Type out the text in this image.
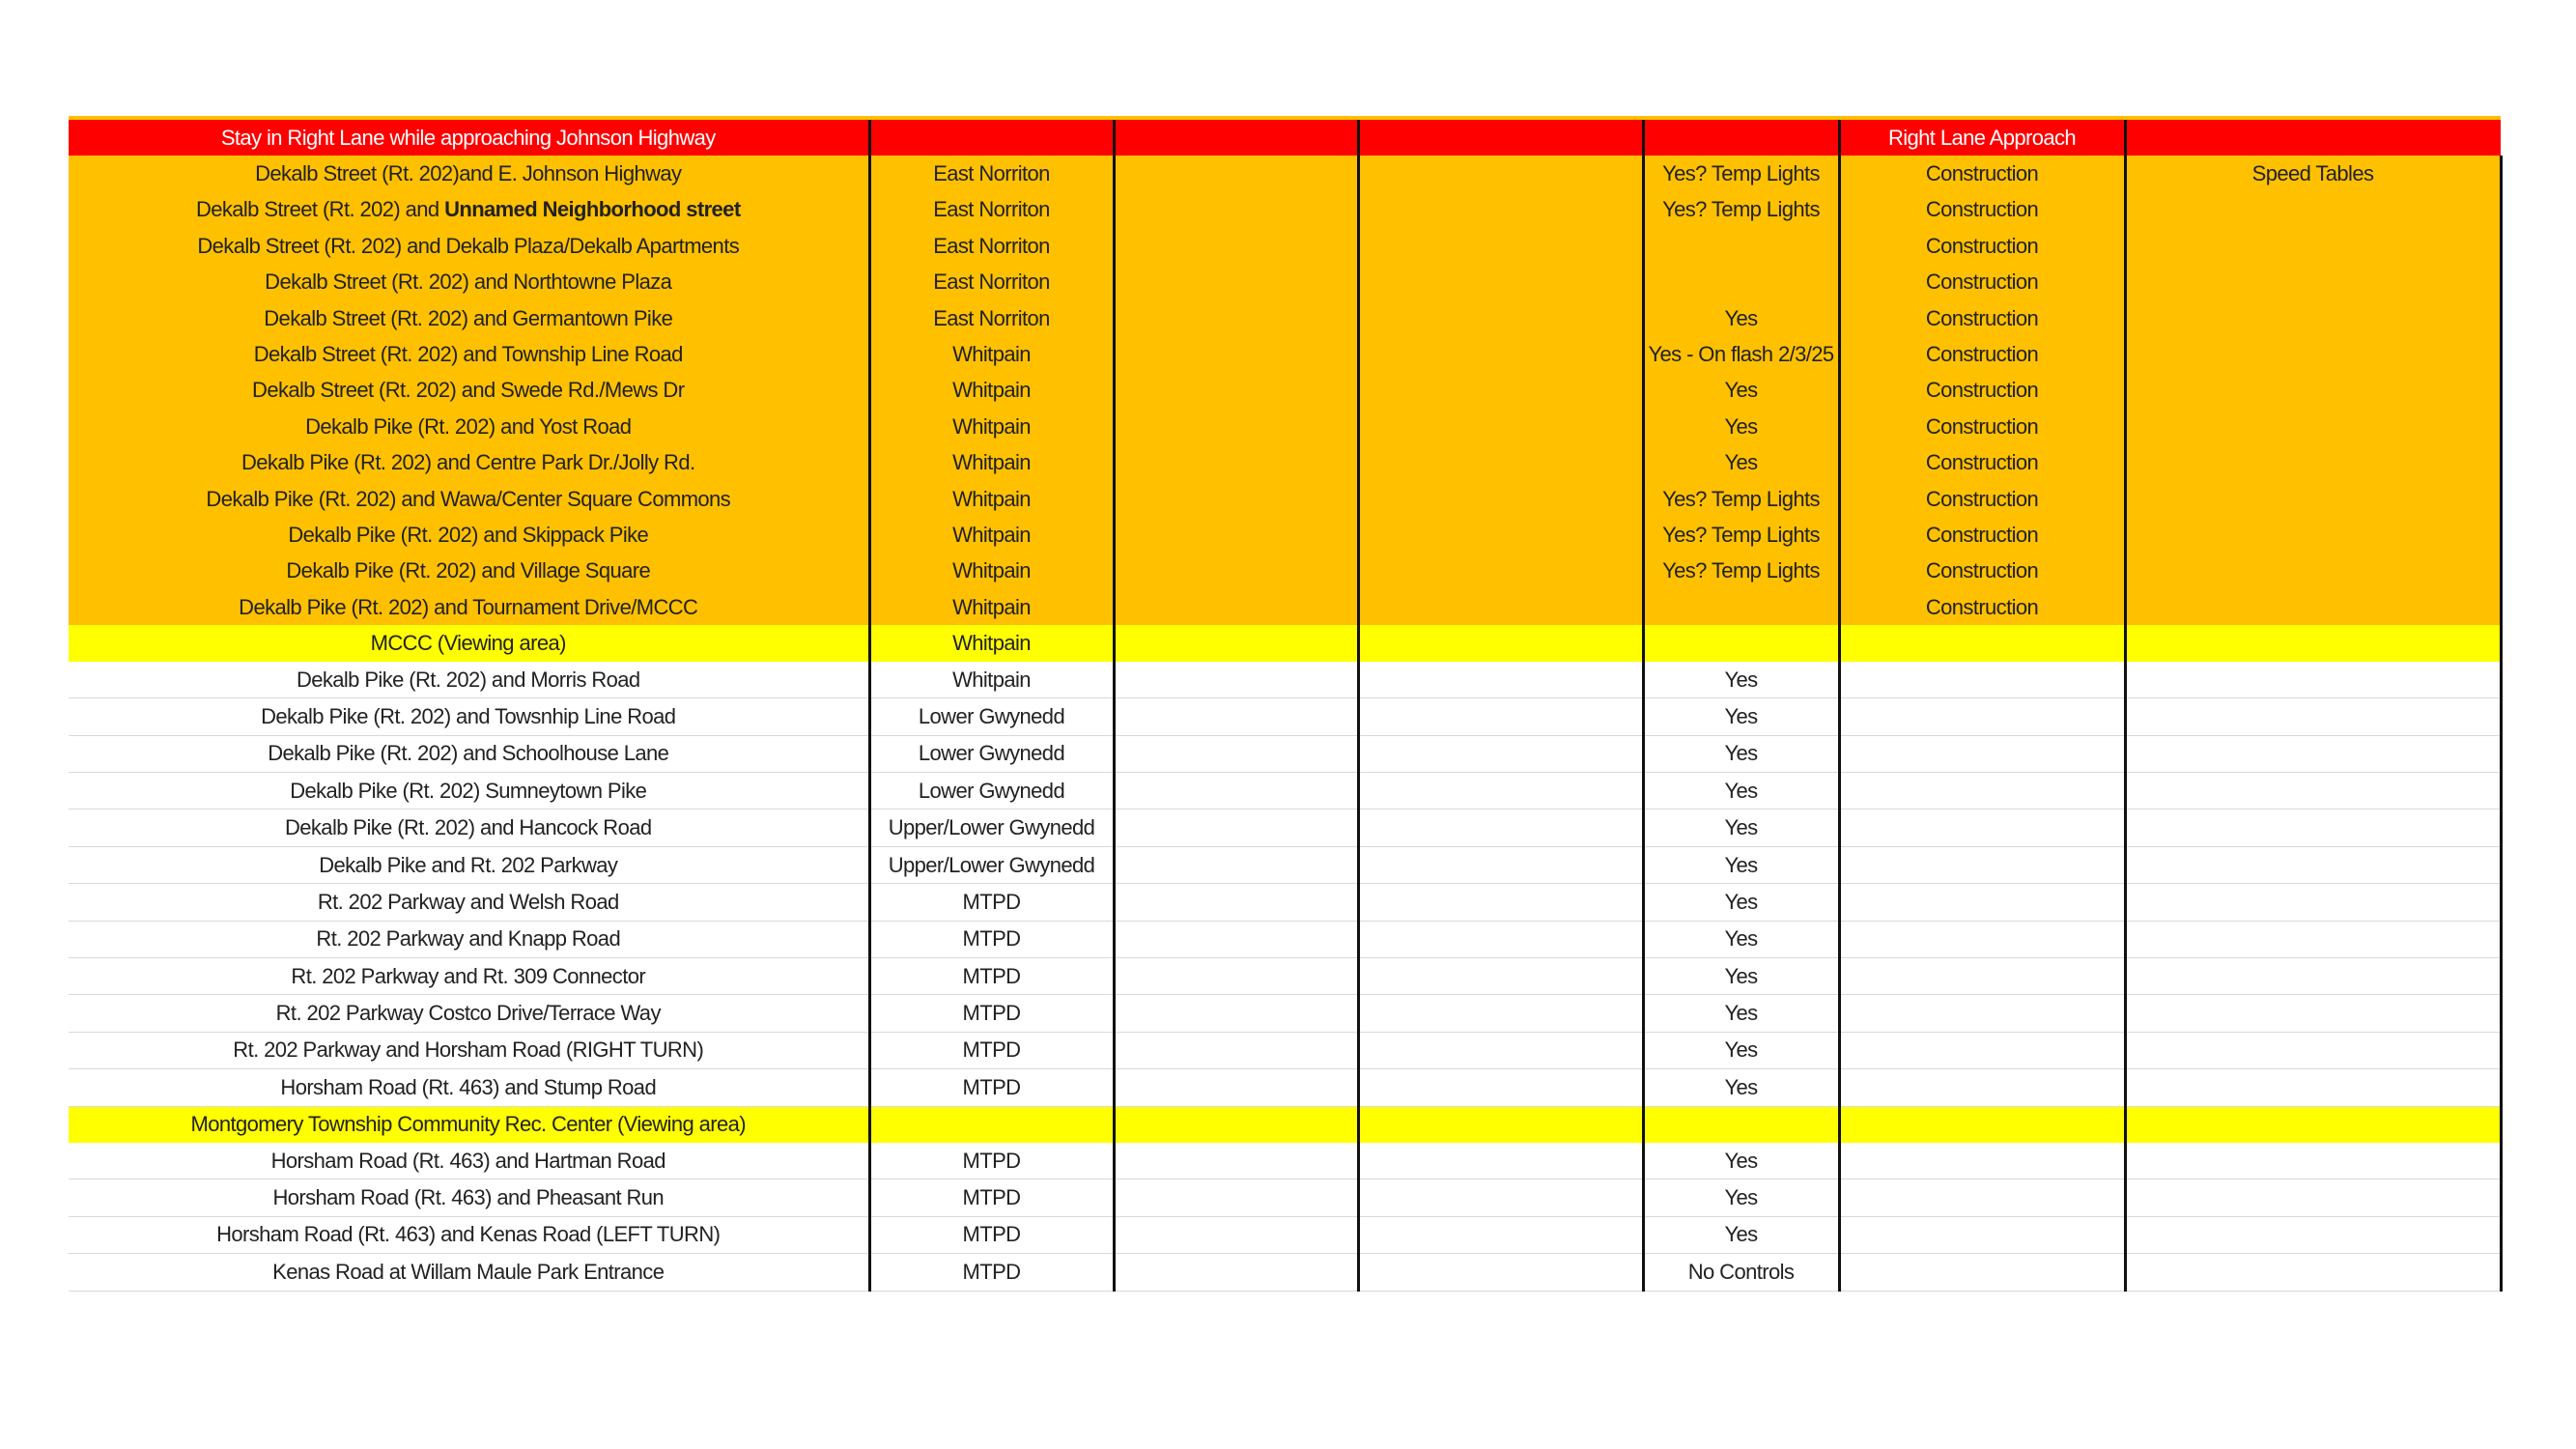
Stay in Right Lane while approaching Johnson Highway					Right Lane Approach	
Dekalb Street (Rt. 202)and E. Johnson Highway	East Norriton			Yes? Temp Lights	Construction	Speed Tables
Dekalb Street (Rt. 202) and Unnamed Neighborhood street	East Norriton			Yes? Temp Lights	Construction	
Dekalb Street (Rt. 202) and Dekalb Plaza/Dekalb Apartments	East Norriton				Construction	
Dekalb Street (Rt. 202) and Northtowne Plaza	East Norriton				Construction	
Dekalb Street (Rt. 202) and Germantown Pike	East Norriton			Yes	Construction	
Dekalb Street (Rt. 202) and Township Line Road	Whitpain			Yes - On flash 2/3/25	Construction	
Dekalb Street (Rt. 202) and Swede Rd./Mews Dr	Whitpain			Yes	Construction	
Dekalb Pike (Rt. 202) and Yost Road	Whitpain			Yes	Construction	
Dekalb Pike (Rt. 202) and Centre Park Dr./Jolly Rd.	Whitpain			Yes	Construction	
Dekalb Pike (Rt. 202) and Wawa/Center Square Commons	Whitpain			Yes? Temp Lights	Construction	
Dekalb Pike (Rt. 202) and Skippack Pike	Whitpain			Yes? Temp Lights	Construction	
Dekalb Pike (Rt. 202) and Village Square	Whitpain			Yes? Temp Lights	Construction	
Dekalb Pike (Rt. 202) and Tournament Drive/MCCC	Whitpain				Construction	
MCCC (Viewing area)	Whitpain					
Dekalb Pike (Rt. 202) and Morris Road	Whitpain			Yes		
Dekalb Pike (Rt. 202) and Towsnhip Line Road	Lower Gwynedd			Yes		
Dekalb Pike (Rt. 202) and Schoolhouse Lane	Lower Gwynedd			Yes		
Dekalb Pike (Rt. 202) Sumneytown Pike	Lower Gwynedd			Yes		
Dekalb Pike (Rt. 202) and Hancock Road	Upper/Lower Gwynedd			Yes		
Dekalb Pike and Rt. 202 Parkway	Upper/Lower Gwynedd			Yes		
Rt. 202 Parkway and Welsh Road	MTPD			Yes		
Rt. 202 Parkway and Knapp Road	MTPD			Yes		
Rt. 202 Parkway and Rt. 309 Connector	MTPD			Yes		
Rt. 202 Parkway Costco Drive/Terrace Way	MTPD			Yes		
Rt. 202 Parkway and Horsham Road (RIGHT TURN)	MTPD			Yes		
Horsham Road (Rt. 463) and Stump Road	MTPD			Yes		
Montgomery Township Community Rec. Center (Viewing area)						
Horsham Road (Rt. 463) and Hartman Road	MTPD			Yes		
Horsham Road (Rt. 463) and Pheasant Run	MTPD			Yes		
Horsham Road (Rt. 463) and Kenas Road (LEFT TURN)	MTPD			Yes		
Kenas Road at Willam Maule Park Entrance	MTPD			No Controls		
